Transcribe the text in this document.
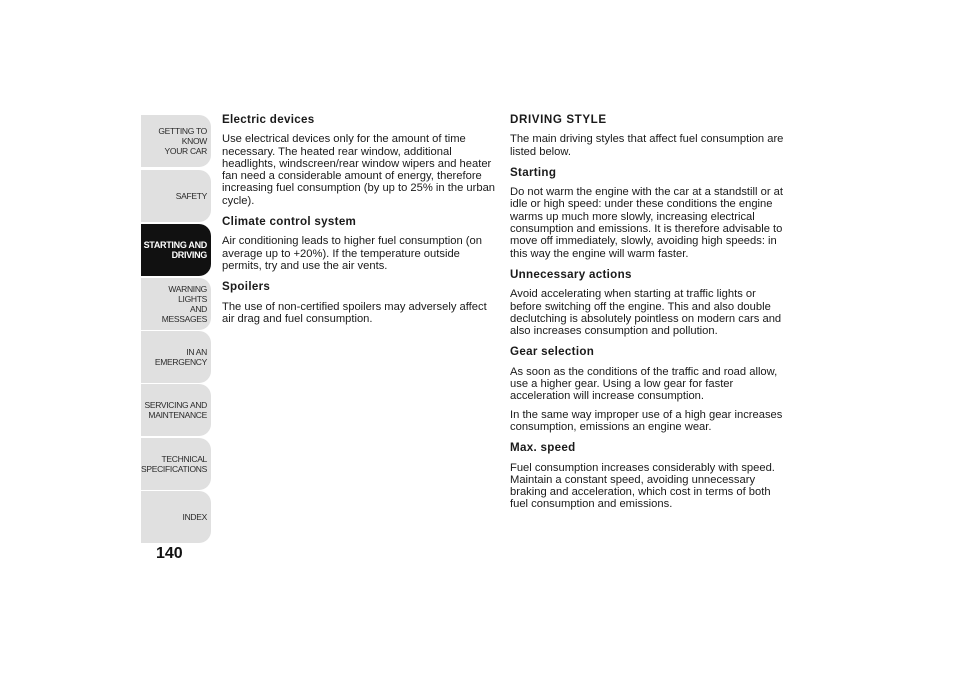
GETTING TO KNOW
YOUR CAR
SAFETY
STARTING AND
DRIVING
WARNING LIGHTS
AND MESSAGES
IN AN EMERGENCY
SERVICING AND
MAINTENANCE
TECHNICAL
SPECIFICATIONS
INDEX
140
Electric devices

Use electrical devices only for the amount of time necessary. The heated rear window, additional headlights, windscreen/rear window wipers and heater fan need a considerable amount of energy, therefore increasing fuel consumption (by up to 25% in the urban cycle).

Climate control system

Air conditioning leads to higher fuel consumption (on average up to +20%). If the temperature outside permits, try and use the air vents.

Spoilers

The use of non-certified spoilers may adversely affect air drag and fuel consumption.

DRIVING STYLE

The main driving styles that affect fuel consumption are listed below.

Starting

Do not warm the engine with the car at a standstill or at idle or high speed: under these conditions the engine warms up much more slowly, increasing electrical consumption and emissions. It is therefore advisable to move off immediately, slowly, avoiding high speeds: in this way the engine will warm faster.

Unnecessary actions

Avoid accelerating when starting at traffic lights or before switching off the engine. This and also double declutching is absolutely pointless on modern cars and also increases consumption and pollution.

Gear selection

As soon as the conditions of the traffic and road allow, use a higher gear. Using a low gear for faster acceleration will increase consumption.

In the same way improper use of a high gear increases consumption, emissions an engine wear.

Max. speed

Fuel consumption increases considerably with speed. Maintain a constant speed, avoiding unnecessary braking and acceleration, which cost in terms of both fuel consumption and emissions.
